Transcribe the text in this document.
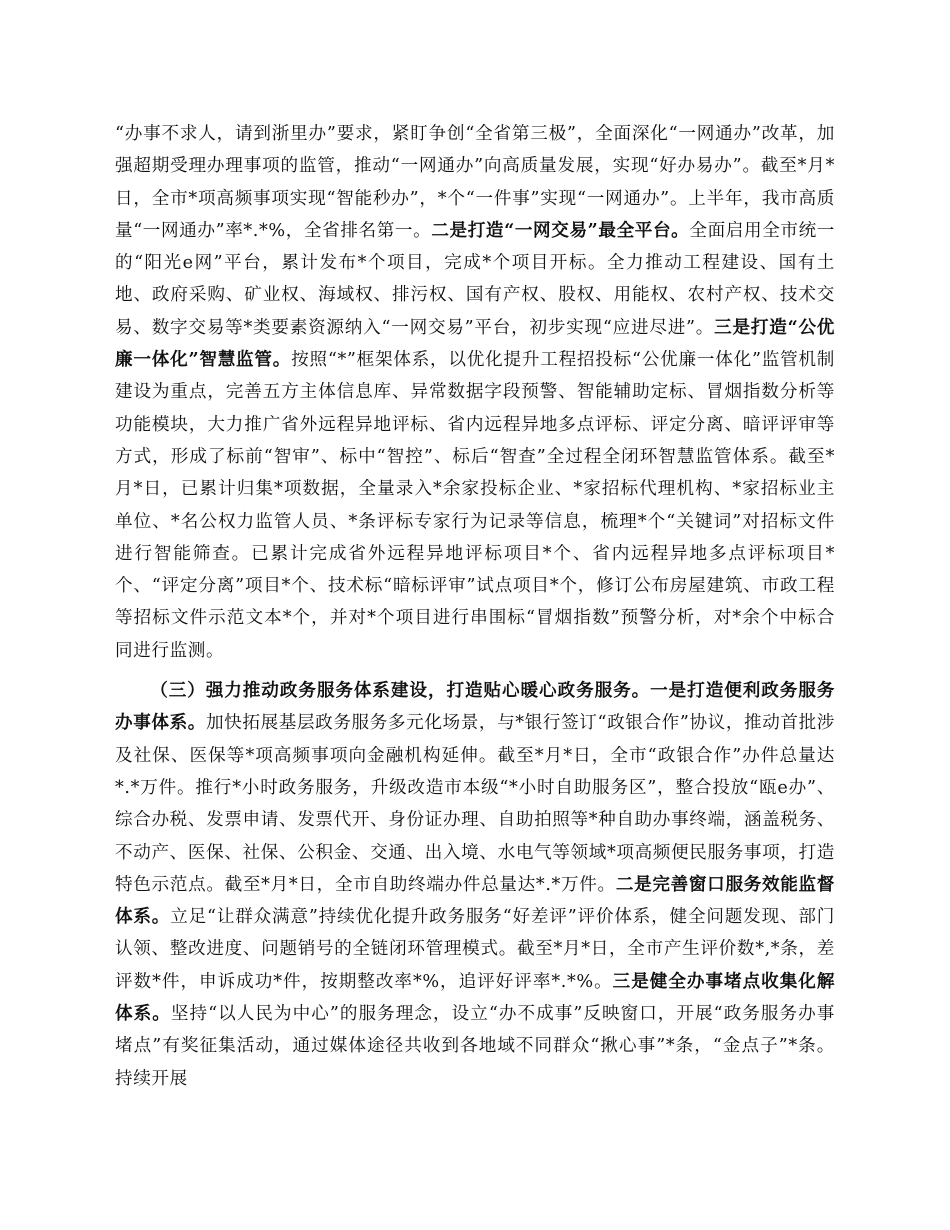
“办事不求人，请到浙里办”要求，紧盯争创“全省第三极”，全面深化“一网通办”改革，加强超期受理办理事项的监管，推动“一网通办”向高质量发展，实现“好办易办”。截至*月*日，全市*项高频事项实现“智能秒办”，*个“一件事”实现“一网通办”。上半年，我市高质量“一网通办”率*.*%，全省排名第一。二是打造“一网交易”最全平台。全面启用全市统一的“阳光e网”平台，累计发布*个项目，完成*个项目开标。全力推动工程建设、国有土地、政府采购、矿业权、海域权、排污权、国有产权、股权、用能权、农村产权、技术交易、数字交易等*类要素资源纳入“一网交易”平台，初步实现“应进尽进”。三是打造“公优廉一体化”智慧监管。按照“*”框架体系，以优化提升工程招投标“公优廉一体化”监管机制建设为重点，完善五方主体信息库、异常数据字段预警、智能辅助定标、冒烟指数分析等功能模块，大力推广省外远程异地评标、省内远程异地多点评标、评定分离、暗评评审等方式，形成了标前“智审”、标中“智控”、标后“智查”全过程全闭环智慧监管体系。截至*月*日，已累计归集*项数据，全量录入*余家投标企业、*家招标代理机构、*家招标业主单位、*名公权力监管人员、*条评标专家行为记录等信息，梳理*个“关键词”对招标文件进行智能筛查。已累计完成省外远程异地评标项目*个、省内远程异地多点评标项目*个、“评定分离”项目*个、技术标“暗标评审”试点项目*个，修订公布房屋建筑、市政工程等招标文件示范文本*个，并对*个项目进行串围标“冒烟指数”预警分析，对*余个中标合同进行监测。

（三）强力推动政务服务体系建设，打造贴心暖心政务服务。一是打造便利政务服务办事体系。加快拓展基层政务服务多元化场景，与*银行签订“政银合作”协议，推动首批涉及社保、医保等*项高频事项向金融机构延伸。截至*月*日，全市“政银合作”办件总量达*.*万件。推行*小时政务服务，升级改造市本级“*小时自助服务区”，整合投放“瓯e办”、综合办税、发票申请、发票代开、身份证办理、自助拍照等*种自助办事终端，涵盖税务、不动产、医保、社保、公积金、交通、出入境、水电气等领域*项高频便民服务事项，打造特色示范点。截至*月*日，全市自助终端办件总量达*.*万件。二是完善窗口服务效能监督体系。立足“让群众满意”持续优化提升政务服务“好差评”评价体系，健全问题发现、部门认领、整改进度、问题销号的全链闭环管理模式。截至*月*日，全市产生评价数*,*条，差评数*件，申诉成功*件，按期整改率*%，追评好评率*.*%。三是健全办事堵点收集化解体系。坚持“以人民为中心”的服务理念，设立“办不成事”反映窗口，开展“政务服务办事堵点”有奖征集活动，通过媒体途径共收到各地域不同群众“揪心事”*条，“金点子”*条。持续开展
